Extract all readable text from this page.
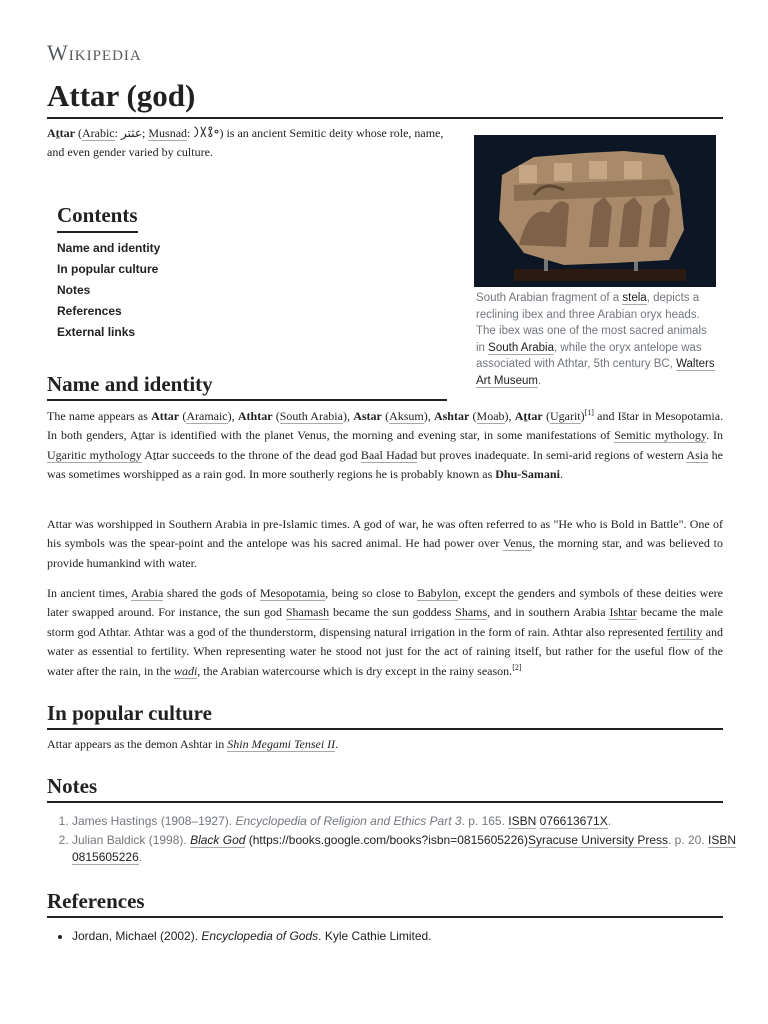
Wikipedia
Attar (god)
Aṯtar (Arabic: عثتر; Musnad: 𐩲𐩻𐩩𐩧) is an ancient Semitic deity whose role, name, and even gender varied by culture.
South Arabian fragment of a stela, depicts a reclining ibex and three Arabian oryx heads. The ibex was one of the most sacred animals in South Arabia, while the oryx antelope was associated with Athtar, 5th century BC, Walters Art Museum.
Contents
Name and identity
In popular culture
Notes
References
External links
Name and identity

The name appears as Attar (Aramaic), Athtar (South Arabia), Astar (Aksum), Ashtar (Moab), Aṯtar (Ugarit)[1] and Ištar in Mesopotamia. In both genders, Aṯtar is identified with the planet Venus, the morning and evening star, in some manifestations of Semitic mythology. In Ugaritic mythology Aṯtar succeeds to the throne of the dead god Baal Hadad but proves inadequate. In semi-arid regions of western Asia he was sometimes worshipped as a rain god. In more southerly regions he is probably known as Dhu-Samani.

Attar was worshipped in Southern Arabia in pre-Islamic times. A god of war, he was often referred to as "He who is Bold in Battle". One of his symbols was the spear-point and the antelope was his sacred animal. He had power over Venus, the morning star, and was believed to provide humankind with water.

In ancient times, Arabia shared the gods of Mesopotamia, being so close to Babylon, except the genders and symbols of these deities were later swapped around. For instance, the sun god Shamash became the sun goddess Shams, and in southern Arabia Ishtar became the male storm god Athtar. Athtar was a god of the thunderstorm, dispensing natural irrigation in the form of rain. Athtar also represented fertility and water as essential to fertility. When representing water he stood not just for the act of raining itself, but rather for the useful flow of the water after the rain, in the wadi, the Arabian watercourse which is dry except in the rainy season.[2]

In popular culture

Attar appears as the demon Ashtar in Shin Megami Tensei II.

Notes
1. James Hastings (1908–1927). Encyclopedia of Religion and Ethics Part 3. p. 165. ISBN 076613671X.
2. Julian Baldick (1998). Black God (https://books.google.com/books?isbn=0815605226)Syracuse University Press. p. 20. ISBN 0815605226.
References
• Jordan, Michael (2002). Encyclopedia of Gods. Kyle Cathie Limited.
